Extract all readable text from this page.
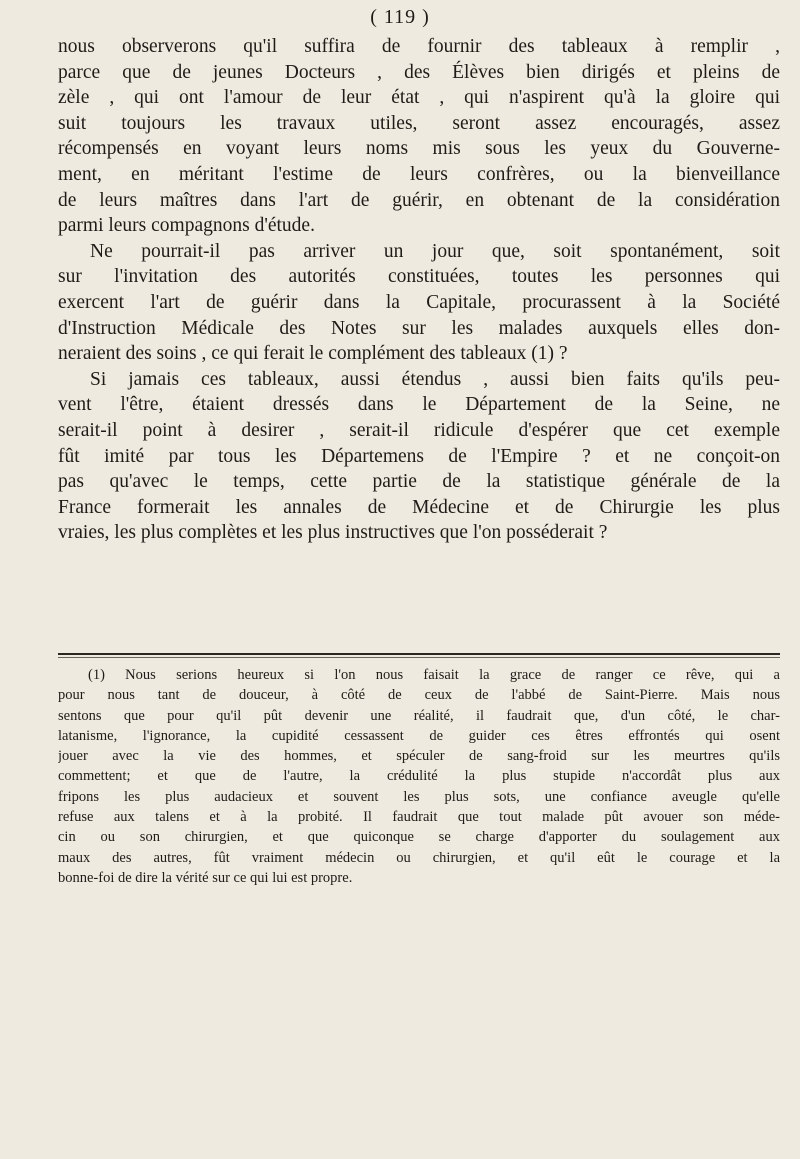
( 119 )
nous observerons qu'il suffira de fournir des tableaux à remplir ,
parce que de jeunes Docteurs , des Élèves bien dirigés et pleins de
zèle , qui ont l'amour de leur état , qui n'aspirent qu'à la gloire qui
suit toujours les travaux utiles, seront assez encouragés, assez
récompensés en voyant leurs noms mis sous les yeux du Gouverne-
ment, en méritant l'estime de leurs confrères, ou la bienveillance
de leurs maîtres dans l'art de guérir, en obtenant de la considération
parmi leurs compagnons d'étude.
Ne pourrait-il pas arriver un jour que, soit spontanément, soit
sur l'invitation des autorités constituées, toutes les personnes qui
exercent l'art de guérir dans la Capitale, procurassent à la Société
d'Instruction Médicale des Notes sur les malades auxquels elles don-
neraient des soins , ce qui ferait le complément des tableaux (1) ?
Si jamais ces tableaux, aussi étendus , aussi bien faits qu'ils peu-
vent l'être, étaient dressés dans le Département de la Seine, ne
serait-il point à desirer , serait-il ridicule d'espérer que cet exemple
fût imité par tous les Départemens de l'Empire ? et ne conçoit-on
pas qu'avec le temps, cette partie de la statistique générale de la
France formerait les annales de Médecine et de Chirurgie les plus
vraies, les plus complètes et les plus instructives que l'on posséderait ?
(1) Nous serions heureux si l'on nous faisait la grace de ranger ce rêve, qui a
pour nous tant de douceur, à côté de ceux de l'abbé de Saint-Pierre. Mais nous
sentons que pour qu'il pût devenir une réalité, il faudrait que, d'un côté, le char-
latanisme, l'ignorance, la cupidité cessassent de guider ces êtres effrontés qui osent
jouer avec la vie des hommes, et spéculer de sang-froid sur les meurtres qu'ils
commettent; et que de l'autre, la crédulité la plus stupide n'accordât plus aux
fripons les plus audacieux et souvent les plus sots, une confiance aveugle qu'elle
refuse aux talens et à la probité. Il faudrait que tout malade pût avouer son méde-
cin ou son chirurgien, et que quiconque se charge d'apporter du soulagement aux
maux des autres, fût vraiment médecin ou chirurgien, et qu'il eût le courage et la
bonne-foi de dire la vérité sur ce qui lui est propre.
